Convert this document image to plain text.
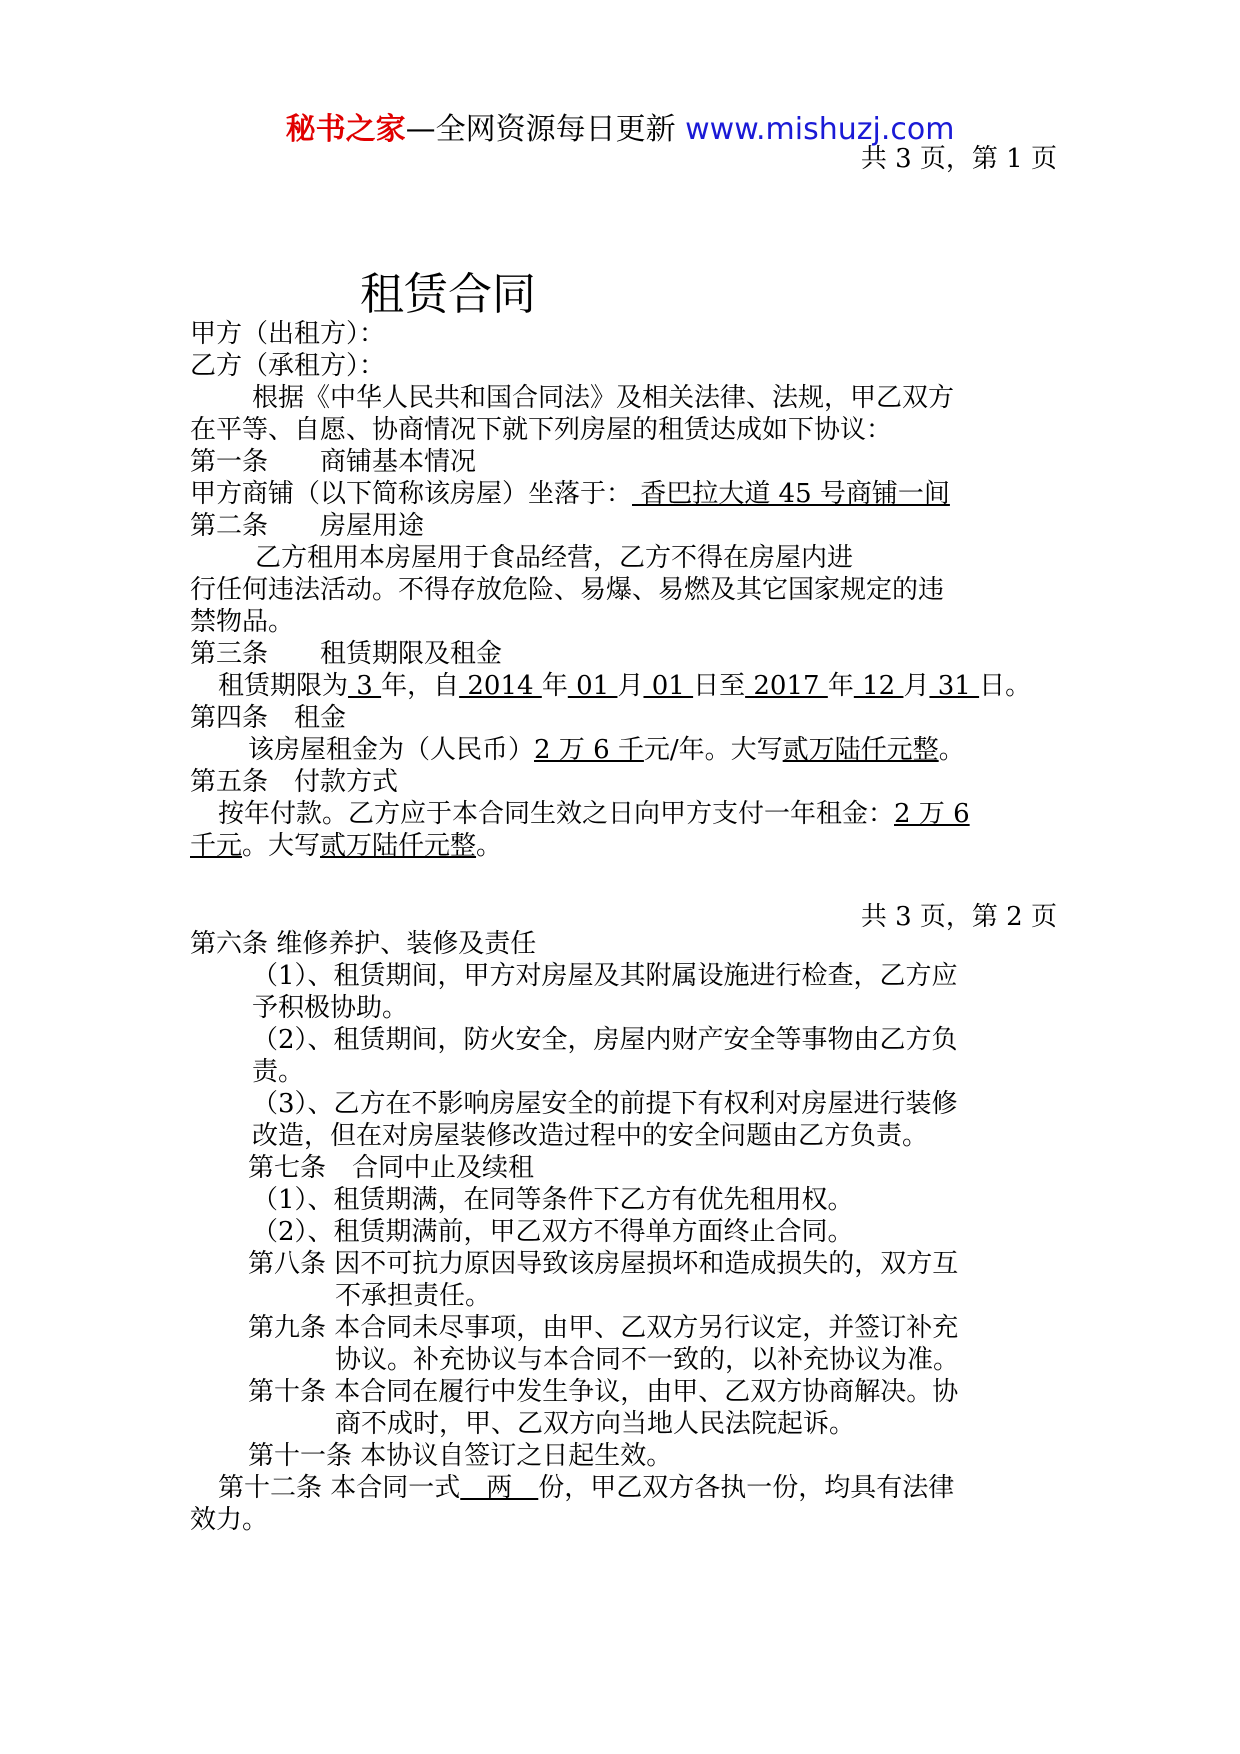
秘书之家—全网资源每日更新 www.mishuzj.com
共 3 页，第 1 页
租赁合同
甲方（出租方）：
乙方（承租方）：
根据《中华人民共和国合同法》及相关法律、法规，甲乙双方
在平等、自愿、协商情况下就下列房屋的租赁达成如下协议：
第一条　　商铺基本情况
甲方商铺（以下简称该房屋）坐落于： 香巴拉大道 45 号商铺一间
第二条　　房屋用途
乙方租用本房屋用于食品经营，乙方不得在房屋内进
行任何违法活动。不得存放危险、易爆、易燃及其它国家规定的违
禁物品。
第三条　　租赁期限及租金
租赁期限为 3 年，自 2014 年 01 月 01 日至 2017 年 12 月 31 日。
第四条　租金
该房屋租金为（人民币）2 万 6 千元/年。大写贰万陆仟元整。
第五条　付款方式
按年付款。乙方应于本合同生效之日向甲方支付一年租金：2 万 6
千元。大写贰万陆仟元整。
共 3 页，第 2 页
第六条 维修养护、装修及责任
（1）、租赁期间，甲方对房屋及其附属设施进行检查，乙方应
予积极协助。
（2）、租赁期间，防火安全，房屋内财产安全等事物由乙方负
责。
（3）、乙方在不影响房屋安全的前提下有权利对房屋进行装修
改造，但在对房屋装修改造过程中的安全问题由乙方负责。
第七条　合同中止及续租
（1）、租赁期满，在同等条件下乙方有优先租用权。
（2）、租赁期满前，甲乙双方不得单方面终止合同。
第八条 因不可抗力原因导致该房屋损坏和造成损失的，双方互
不承担责任。
第九条 本合同未尽事项，由甲、乙双方另行议定，并签订补充
协议。补充协议与本合同不一致的，以补充协议为准。
第十条 本合同在履行中发生争议，由甲、乙双方协商解决。协
商不成时，甲、乙双方向当地人民法院起诉。
第十一条 本协议自签订之日起生效。
第十二条 本合同一式　两　份，甲乙双方各执一份，均具有法律
效力。
